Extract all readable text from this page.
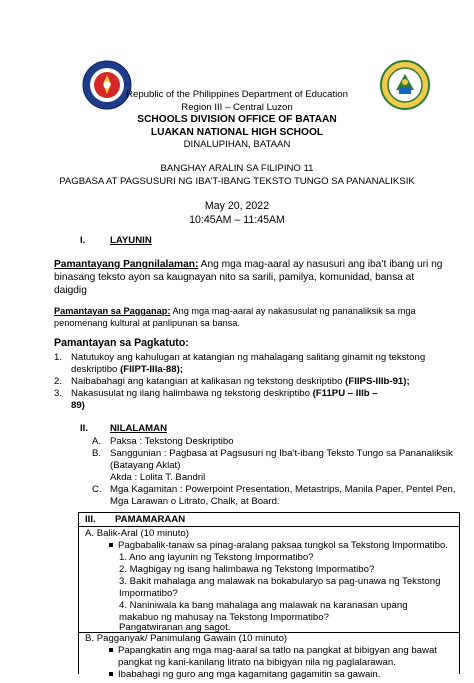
Republic of the Philippines Department of Education
Region III – Central Luzon
SCHOOLS DIVISION OFFICE OF BATAAN
LUAKAN NATIONAL HIGH SCHOOL
DINALUPIHAN, BATAAN
BANGHAY ARALIN SA FILIPINO 11
PAGBASA AT PAGSUSURI NG IBA’T-IBANG TEKSTO TUNGO SA PANANALIKSIK
May 20, 2022
10:45AM – 11:45AM
I.	LAYUNIN
Pamantayang Pangnilalaman: Ang mga mag-aaral ay nasusuri ang iba’t ibang uri ng
binasang teksto ayon sa kaugnayan nito sa sarili, pamilya, komunidad, bansa at
daigdig
Pamantayan sa Pagganap: Ang mga mag-aaral ay nakasusulat ng pananaliksik sa mga
penomenang kultural at panlipunan sa bansa.
Pamantayan sa Pagkatuto:
1. Natutukoy ang kahulugan at katangian ng mahalagang salitang ginamit ng tekstong
deskriptibo (FIIPT-IIIa-88);
2. Naibabahagi ang katangian at kalikasan ng tekstong deskriptibo (FIIPS-IIIb-91);
3. Nakasusulat ng ilang halimbawa ng tekstong deskriptibo (F11PU – IIIb –
89)
II. NILALAMAN
A. Paksa : Tekstong Deskriptibo
B. Sanggunian : Pagbasa at Pagsusuri ng Iba’t-ibang Teksto Tungo sa Pananaliksik
(Batayang Aklat)
Akda : Lolita T. Bandril
C. Mga Kagamitan : Powerpoint Presentation, Metastrips, Manila Paper, Pentel Pen,
Mga Larawan o Litrato, Chalk, at Board.
III. PAMAMARAAN
A. Balik-Aral (10 minuto)
Pagbabalik-tanaw sa pinag-aralang paksaa tungkol sa Tekstong Impormatibo.
1. Ano ang layunin ng Tekstong Impormatibo?
2. Magbigay ng isang halimbawa ng Tekstong Impormatibo?
3. Bakit mahalaga ang malawak na bokabularyo sa pag-unawa ng Tekstong
Impormatibo?
4. Naniniwala ka bang mahalaga ang malawak na karanasan upang
makabuo ng mahusay na Tekstong Impormatibo?
Pangatwiranan ang sagot.
B. Pagganyak/ Panimulang Gawain (10 minuto)
Papangkatin ang mga mag-aaral sa tatlo na pangkat at bibigyan ang bawat
pangkat ng kani-kanilang litrato na bibigyan nila ng paglalarawan.
Ibabahagi ng guro ang mga kagamitang gagamitin sa gawain.
